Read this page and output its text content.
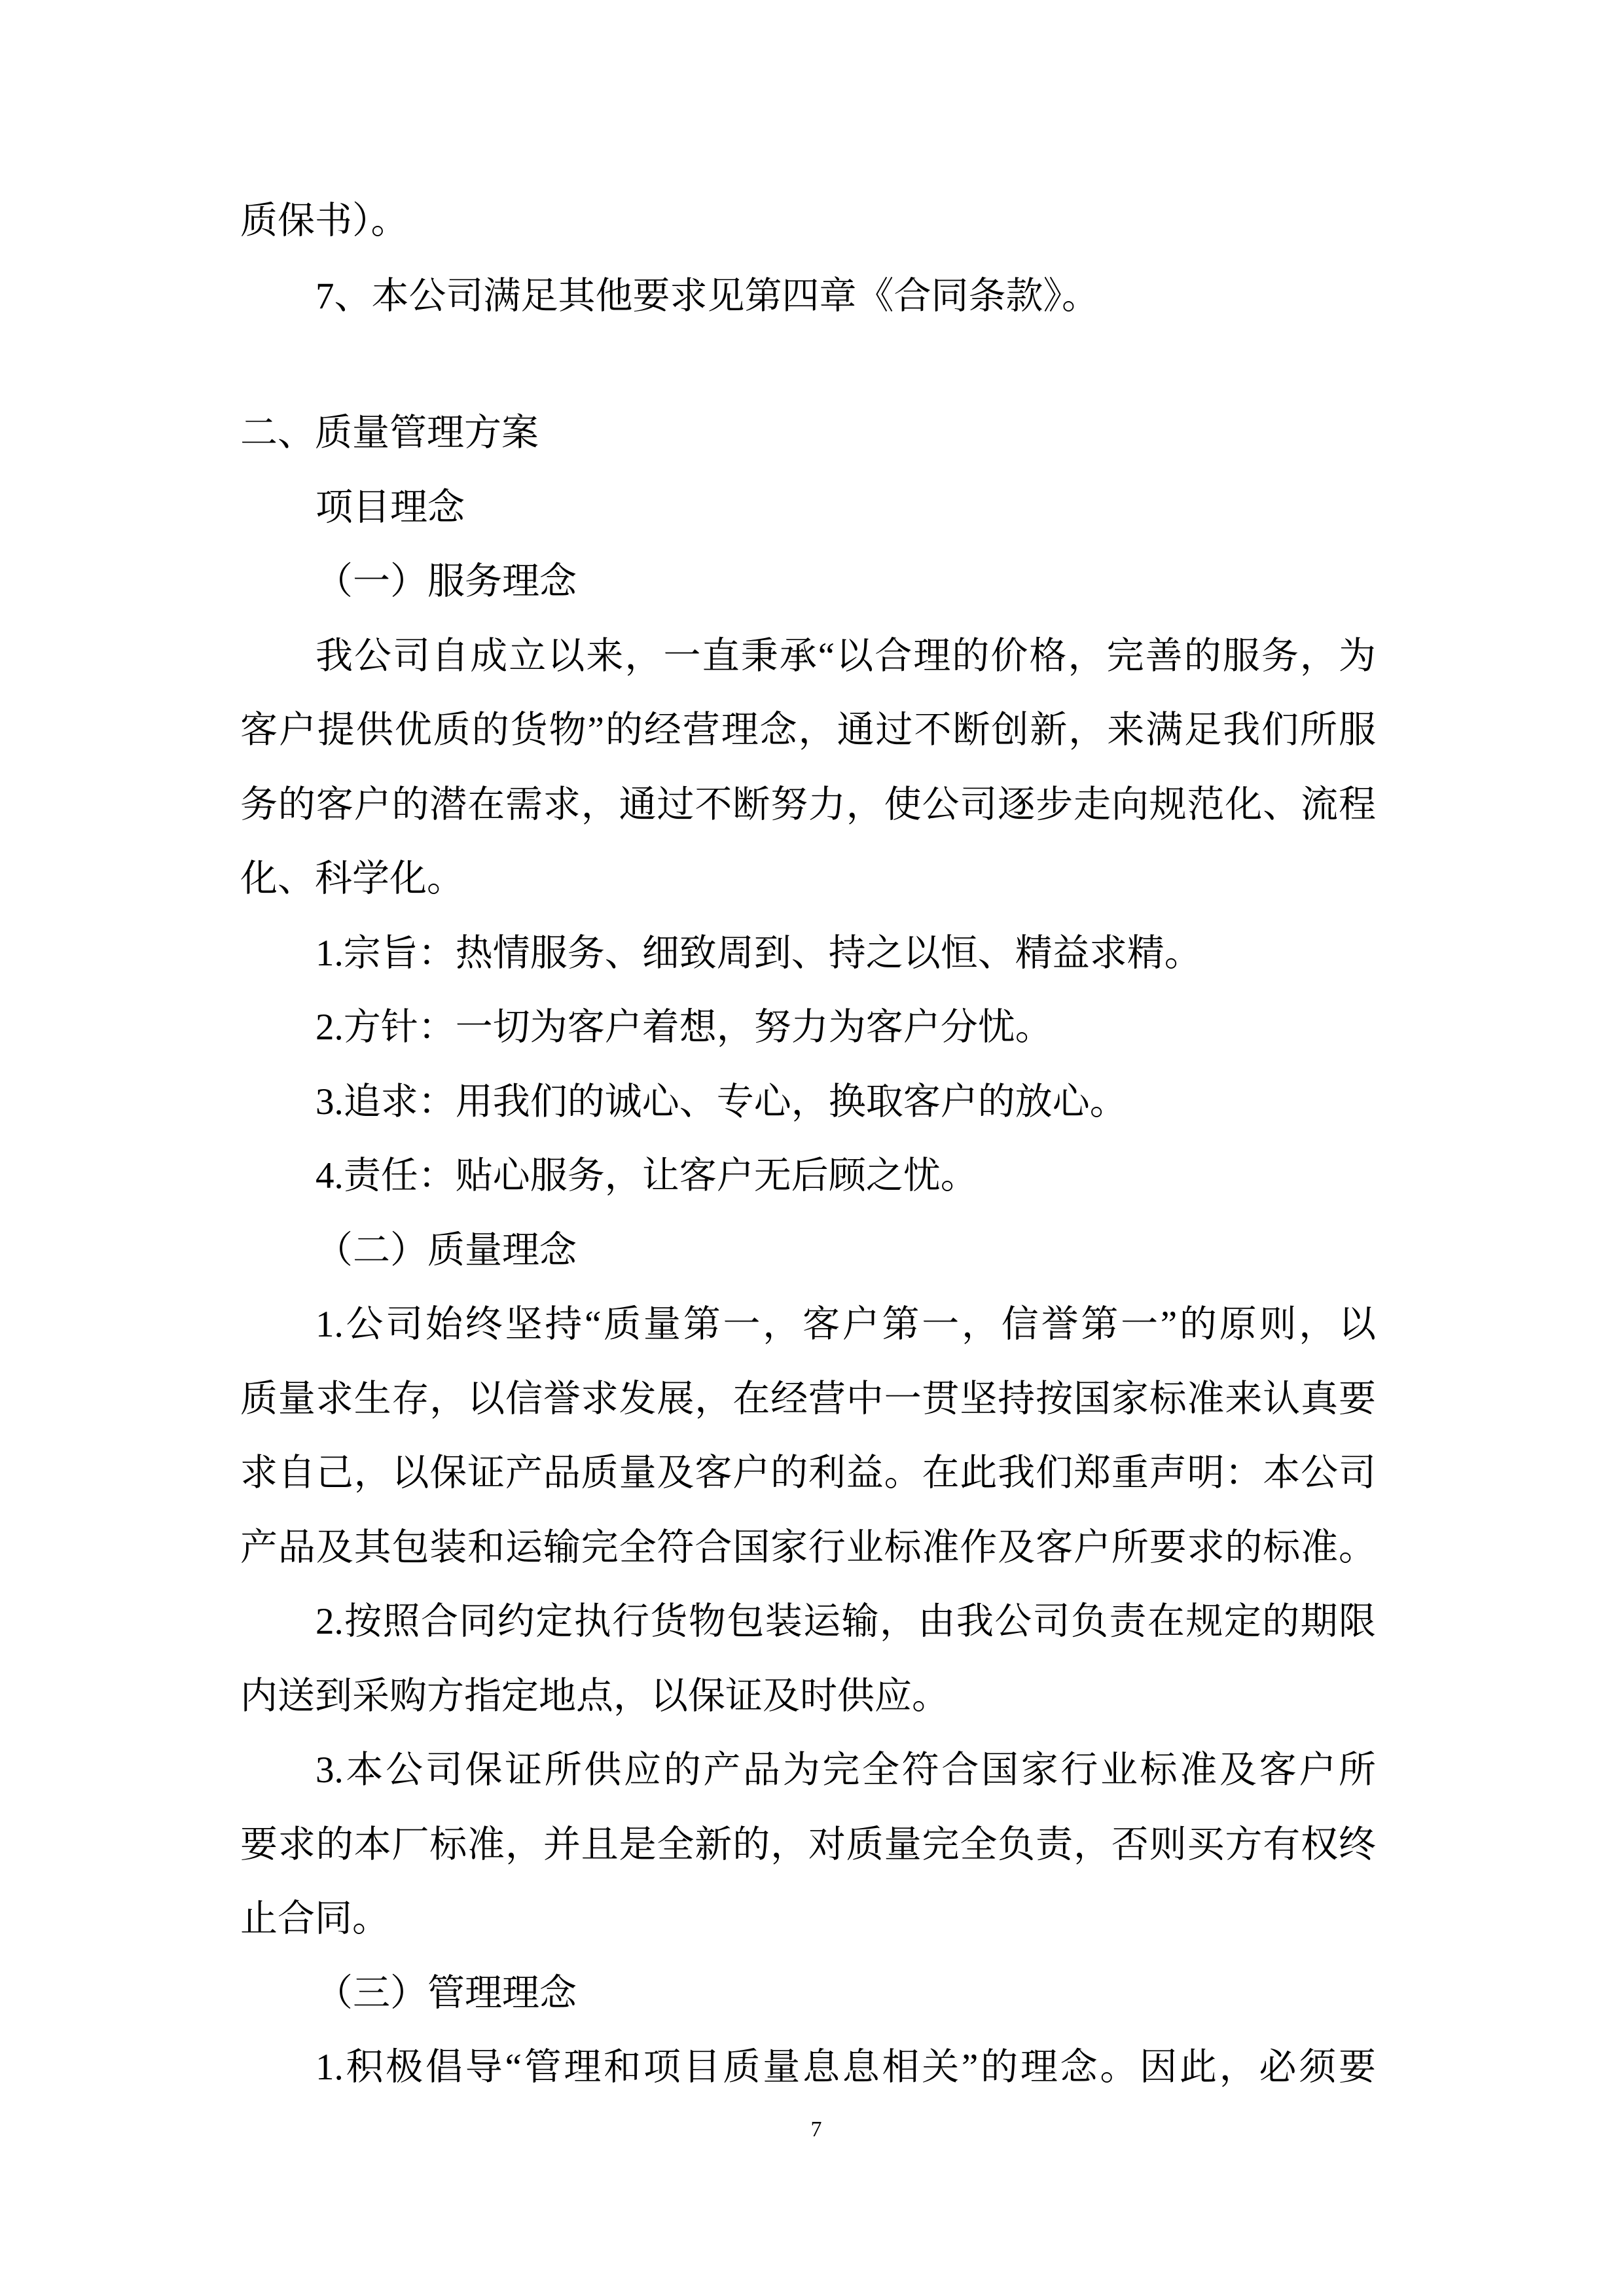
质保书）。
7、本公司满足其他要求见第四章《合同条款》。
二、质量管理方案
项目理念
（一）服务理念
我公司自成立以来，一直秉承“以合理的价格，完善的服务，为
客户提供优质的货物”的经营理念，通过不断创新，来满足我们所服
务的客户的潜在需求，通过不断努力，使公司逐步走向规范化、流程
化、科学化。
1.宗旨：热情服务、细致周到、持之以恒、精益求精。
2.方针：一切为客户着想，努力为客户分忧。
3.追求：用我们的诚心、专心，换取客户的放心。
4.责任：贴心服务，让客户无后顾之忧。
（二）质量理念
1.公司始终坚持“质量第一，客户第一，信誉第一”的原则，以
质量求生存，以信誉求发展，在经营中一贯坚持按国家标准来认真要
求自己，以保证产品质量及客户的利益。在此我们郑重声明：本公司
产品及其包装和运输完全符合国家行业标准作及客户所要求的标准。
2.按照合同约定执行货物包装运输，由我公司负责在规定的期限
内送到采购方指定地点，以保证及时供应。
3.本公司保证所供应的产品为完全符合国家行业标准及客户所
要求的本厂标准，并且是全新的，对质量完全负责，否则买方有权终
止合同。
（三）管理理念
1.积极倡导“管理和项目质量息息相关”的理念。因此，必须要
7
